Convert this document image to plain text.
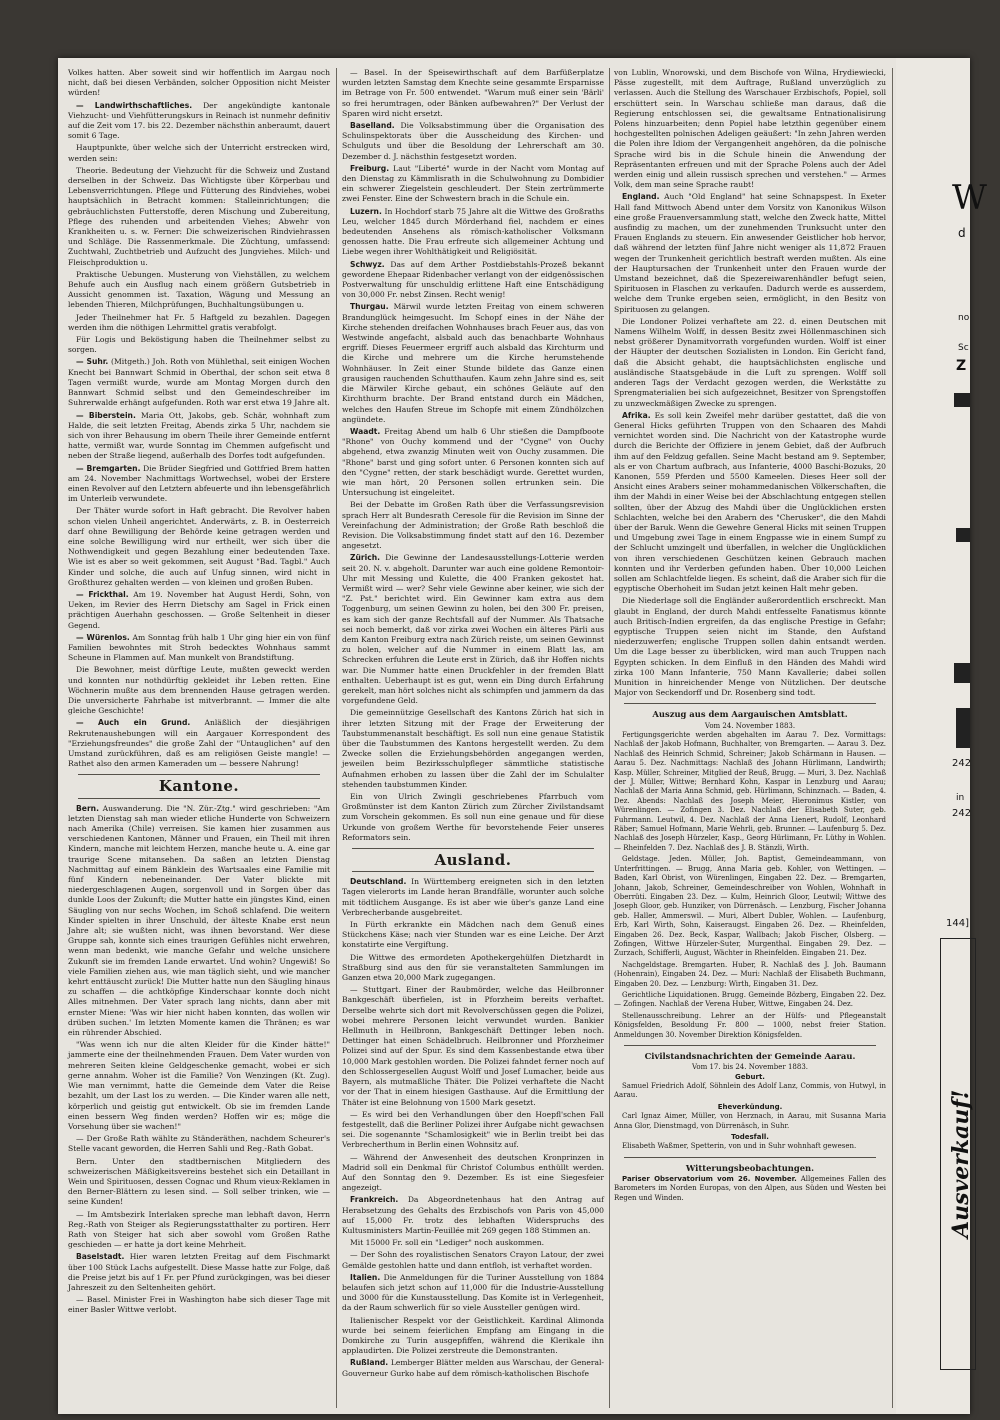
Volkes hatten. Aber soweit sind wir hoffentlich im Aargau noch nicht, daß bei diesen Verbänden, solcher Opposition nicht Meister würden!

— Landwirthschaftliches. Der angekündigte kantonale Viehzucht- und Viehfütterungskurs in Reinach ist nunmehr definitiv auf die Zeit vom 17. bis 22. Dezember nächsthin anberaumt, dauert somit 6 Tage.

Hauptpunkte, über welche sich der Unterricht erstrecken wird, werden sein:

Theorie. Bedeutung der Viehzucht für die Schweiz und Zustand derselben in der Schweiz. Das Wichtigste über Körperbau und Lebensverrichtungen. Pflege und Fütterung des Rindviehes, wobei hauptsächlich in Betracht kommen: Stalleinrichtungen; die gebräuchlichsten Futterstoffe, deren Mischung und Zubereitung, Pflege des ruhenden und arbeitenden Viehes; Abwehr von Krankheiten u. s. w. Ferner: Die schweizerischen Rindviehrassen und Schläge. Die Rassenmerkmale. Die Züchtung, umfassend: Zuchtwahl, Zuchtbetrieb und Aufzucht des Jungviehes. Milch- und Fleischproduktion u.

Praktische Uebungen. Musterung von Viehställen, zu welchem Behufe auch ein Ausflug nach einem größern Gutsbetrieb in Aussicht genommen ist. Taxation, Wägung und Messung an lebenden Thieren, Milchprüfungen, Buchhaltungsübungen u.

Jeder Theilnehmer hat Fr. 5 Haftgeld zu bezahlen. Dagegen werden ihm die nöthigen Lehrmittel gratis verabfolgt.

Für Logis und Beköstigung haben die Theilnehmer selbst zu sorgen.

— Suhr. (Mitgeth.) Joh. Roth von Mühlethal, seit einigen Wochen Knecht bei Bannwart Schmid in Oberthal, der schon seit etwa 8 Tagen vermißt wurde, wurde am Montag Morgen durch den Bannwart Schmid selbst und den Gemeindeschreiber im Suhrerwalde erhängt aufgefunden. Roth war erst etwa 19 Jahre alt.

— Biberstein. Maria Ott, Jakobs, geb. Schär, wohnhaft zum Halde, die seit letzten Freitag, Abends zirka 5 Uhr, nachdem sie sich von ihrer Behausung im obern Theile ihrer Gemeinde entfernt hatte, vermißt war, wurde Sonntag im Chemmen aufgefischt und neben der Straße liegend, außerhalb des Dorfes todt aufgefunden.

— Bremgarten. Die Brüder Siegfried und Gottfried Brem hatten am 24. November Nachmittags Wortwechsel, wobei der Erstere einen Revolver auf den Letztern abfeuerte und ihn lebensgefährlich im Unterleib verwundete.

Der Thäter wurde sofort in Haft gebracht. Die Revolver haben schon vielen Unheil angerichtet. Anderwärts, z. B. in Oesterreich darf ohne Bewilligung der Behörde keine getragen werden und eine solche Bewilligung wird nur ertheilt, wer sich über die Nothwendigkeit und gegen Bezahlung einer bedeutenden Taxe. Wie ist es aber so weit gekommen, seit August "Bad. Tagbl." Auch Kinder und solche, die auch auf Unfug sinnen, wird nicht in Großthurez gehalten werden — von kleinen und großen Buben.

— Frickthal. Am 19. November hat August Herdi, Sohn, von Ueken, im Revier des Herrn Dietschy am Sagel in Frick einen prächtigen Auerhahn geschossen. — Große Seltenheit in dieser Gegend.

— Würenlos. Am Sonntag früh halb 1 Uhr ging hier ein von fünf Familien bewohntes mit Stroh bedecktes Wohnhaus sammt Scheune in Flammen auf. Man munkelt von Brandstiftung.

Die Bewohner, meist dürftige Leute, mußten geweckt werden und konnten nur nothdürftig gekleidet ihr Leben retten. Eine Wöchnerin mußte aus dem brennenden Hause getragen werden. Die unversicherte Fahrhabe ist mitverbrannt. — Immer die alte gleiche Geschichte!

— Auch ein Grund. Anläßlich der diesjährigen Rekrutenaushebungen will ein Aargauer Korrespondent des "Erziehungsfreundes" die große Zahl der "Untauglichen" auf den Umstand zurückführen, daß es am religiösen Geiste mangle! — Rathet also den armen Kameraden um — bessere Nahrung!

Kantone.

Bern. Auswanderung. Die "N. Zür.-Ztg." wird geschrieben: "Am letzten Dienstag sah man wieder etliche Hunderte von Schweizern nach Amerika (Chile) verreisen. Sie kamen hier zusammen aus verschiedenen Kantonen, Männer und Frauen, ein Theil mit ihren Kindern, manche mit leichtem Herzen, manche heute u. A. eine gar traurige Scene mitansehen. Da saßen an letzten Dienstag Nachmittag auf einem Bänklein des Wartsaales eine Familie mit fünf Kindern nebeneinander. Der Vater blickte mit niedergeschlagenen Augen, sorgenvoll und in Sorgen über das dunkle Loos der Zukunft; die Mutter hatte ein jüngstes Kind, einen Säugling von nur sechs Wochen, im Schoß schlafend. Die weitern Kinder spielten in ihrer Unschuld, der älteste Knabe erst neun Jahre alt; sie wußten nicht, was ihnen bevorstand. Wer diese Gruppe sah, konnte sich eines traurigen Gefühles nicht erwehren, wenn man bedenkt, wie manche Gefahr und welche unsichere Zukunft sie im fremden Lande erwartet. Und wohin? Ungewiß! So viele Familien ziehen aus, wie man täglich sieht, und wie mancher kehrt enttäuscht zurück! Die Mutter hatte nun den Säugling hinaus zu schaffen — die achtköpfige Kinderschaar konnte doch nicht Alles mitnehmen. Der Vater sprach lang nichts, dann aber mit ernster Miene: 'Was wir hier nicht haben konnten, das wollen wir drüben suchen.' Im letzten Momente kamen die Thränen; es war ein rührender Abschied.

"Was wenn ich nur die alten Kleider für die Kinder hätte!" jammerte eine der theilnehmenden Frauen. Dem Vater wurden von mehreren Seiten kleine Geldgeschenke gemacht, wobei er sich gerne annahm. Woher ist die Familie? Von Wenzingen (Kt. Zug). Wie man vernimmt, hatte die Gemeinde dem Vater die Reise bezahlt, um der Last los zu werden. — Die Kinder waren alle nett, körperlich und geistig gut entwickelt. Ob sie im fremden Lande einen bessern Weg finden werden? Hoffen wir es; möge die Vorsehung über sie wachen!"

— Der Große Rath wählte zu Ständeräthen, nachdem Scheurer's Stelle vacant geworden, die Herren Sahli und Reg.-Rath Gobat.

Bern. Unter den stadtbernischen Mitgliedern des schweizerischen Mäßigkeitsvereins bestehet sich ein Detaillant in Wein und Spirituosen, dessen Cognac und Rhum vieux-Reklamen in den Berner-Blättern zu lesen sind. — Soll selber trinken, wie — seine Kunden!

— Im Amtsbezirk Interlaken spreche man lebhaft davon, Herrn Reg.-Rath von Steiger als Regierungsstatthalter zu portiren. Herr Rath von Steiger hat sich aber sowohl vom Großen Rathe geschieden — er hatte ja dort keine Mehrheit.

Baselstadt. Hier waren letzten Freitag auf dem Fischmarkt über 100 Stück Lachs aufgestellt. Diese Masse hatte zur Folge, daß die Preise jetzt bis auf 1 Fr. per Pfund zurückgingen, was bei dieser Jahreszeit zu den Seltenheiten gehört.

— Basel. Minister Frei in Washington habe sich dieser Tage mit einer Basler Wittwe verlobt.

— Basel. In der Speisewirthschaft auf dem Barfüßerplatze wurden letzten Samstag dem Knechte seine gesammte Ersparnisse im Betrage von Fr. 500 entwendet. "Warum muß einer sein 'Bärli' so frei herumtragen, oder Bänken aufbewahren?" Der Verlust der Sparen wird nicht ersetzt.

Baselland. Die Volksabstimmung über die Organisation des Schulinspektorats über die Ausscheidung des Kirchen- und Schulguts und über die Besoldung der Lehrerschaft am 30. Dezember d. J. nächsthin festgesetzt worden.

Freiburg. Laut "Liberté" wurde in der Nacht vom Montag auf den Dienstag zu Kämmlisrath in die Schulwohnung zu Dombidier ein schwerer Ziegelstein geschleudert. Der Stein zertrümmerte zwei Fenster. Eine der Schwestern brach in die Schule ein.

Luzern. In Hochdorf starb 75 Jahre alt die Wittwe des Großraths Leu, welcher 1845 durch Mörderhand fiel, nachdem er eines bedeutenden Ansehens als römisch-katholischer Volksmann genossen hatte. Die Frau erfreute sich allgemeiner Achtung und Liebe wegen ihrer Wohlthätigkeit und Religiösität.

Schwyz. Das auf dem Arther Postdiebstahls-Prozeß bekannt gewordene Ehepaar Ridenbacher verlangt von der eidgenössischen Postverwaltung für unschuldig erlittene Haft eine Entschädigung von 30,000 Fr. nebst Zinsen. Recht wenig!

Thurgau. Märwil wurde letzten Freitag von einem schweren Brandunglück heimgesucht. Im Schopf eines in der Nähe der Kirche stehenden dreifachen Wohnhauses brach Feuer aus, das von Westwinde angefacht, alsbald auch das benachbarte Wohnhaus ergriff. Dieses Feuermeer ergriff auch alsbald das Kirchturm und die Kirche und mehrere um die Kirche herumstehende Wohnhäuser. In Zeit einer Stunde bildete das Ganze einen grausigen rauchenden Schutthaufen. Kaum zehn Jahre sind es, seit die Märwiler Kirche gebaut, ein schönes Geläute auf den Kirchthurm brachte. Der Brand entstand durch ein Mädchen, welches den Haufen Streue im Schopfe mit einem Zündhölzchen angündete.

Waadt. Freitag Abend um halb 6 Uhr stießen die Dampfboote "Rhone" von Ouchy kommend und der "Cygne" von Ouchy abgehend, etwa zwanzig Minuten weit von Ouchy zusammen. Die "Rhone" barst und ging sofort unter. 6 Personen konnten sich auf den "Cygne" retten, der stark beschädigt wurde. Gerettet wurden, wie man hört, 20 Personen sollen ertrunken sein. Die Untersuchung ist eingeleitet.

Bei der Debatte im Großen Rath über die Verfassungsrevision sprach Herr alt Bundesrath Ceresole für die Revision im Sinne der Vereinfachung der Administration; der Große Rath beschloß die Revision. Die Volksabstimmung findet statt auf den 16. Dezember angesetzt.

Zürich. Die Gewinne der Landesausstellungs-Lotterie werden seit 20. N. v. abgeholt. Darunter war auch eine goldene Remontoir-Uhr mit Messing und Kulette, die 400 Franken gekostet hat. Vermißt wird — wer? Sehr viele Gewinne aber keiner, wie sich der "Z. Pst." berichtet wird. Ein Gewinner kam extra aus dem Toggenburg, um seinen Gewinn zu holen, bei den 300 Fr. preisen, es kam sich der ganze Rechtsfall auf der Nummer. Als Thatsache sei noch bemerkt, daß vor zirka zwei Wochen ein älteres Pärli aus dem Kanton Freiburg extra nach Zürich reiste, um seinen Gewinnst zu holen, welcher auf die Nummer in einem Blatt las, am Schrecken erfuhren die Leute erst in Zürich, daß ihr Hoffen nichts war. Die Nummer hatte einen Druckfehler in der fremden Blatt enthalten. Ueberhaupt ist es gut, wenn ein Ding durch Erfahrung gerekelt, man hört solches nicht als schimpfen und jammern da das vorgefundene Geld.

Die gemeinnützige Gesellschaft des Kantons Zürich hat sich in ihrer letzten Sitzung mit der Frage der Erweiterung der Taubstummenanstalt beschäftigt. Es soll nun eine genaue Statistik über die Taubstummen des Kantons hergestellt werden. Zu dem Zwecke sollen die Erziehungsbehörden angegangen werden, jeweilen beim Bezirksschulpfleger sämmtliche statistische Aufnahmen erhoben zu lassen über die Zahl der im Schulalter stehenden taubstummen Kinder.

Ein von Ulrich Zwingli geschriebenes Pfarrbuch vom Großmünster ist dem Kanton Zürich zum Zürcher Zivilstandsamt zum Vorschein gekommen. Es soll nun eine genaue und für diese Urkunde von großem Werthe für bevorstehende Feier unseres Reformators sein.

Ausland.

Deutschland. In Württemberg ereigneten sich in den letzten Tagen vielerorts im Lande heran Brandfälle, worunter auch solche mit tödtlichem Ausgange. Es ist aber wie über's ganze Land eine Verbrecherbande ausgebreitet.

In Fürth erkrankte ein Mädchen nach dem Genuß eines Stückchens Käse; nach vier Stunden war es eine Leiche. Der Arzt konstatirte eine Vergiftung.

Die Wittwe des ermordeten Apothekergehülfen Dietzhardt in Straßburg sind aus den für sie veranstalteten Sammlungen im Ganzen etwa 20,000 Mark zugegangen.

— Stuttgart. Einer der Raubmörder, welche das Heilbronner Bankgeschäft überfielen, ist in Pforzheim bereits verhaftet. Derselbe wehrte sich dort mit Revolverschüssen gegen die Polizei, wobei mehrere Personen leicht verwundet wurden. Bankier Hellmuth in Heilbronn, Bankgeschäft Dettinger leben noch. Dettinger hat einen Schädelbruch. Heilbronner und Pforzheimer Polizei sind auf der Spur. Es sind dem Kassenbestande etwa über 10,000 Mark gestohlen worden. Die Polizei fahndet ferner noch auf den Schlossergesellen August Wolff und Josef Lumacher, beide aus Bayern, als mutmaßliche Thäter. Die Polizei verhaftete die Nacht vor der That in einem hiesigen Gasthause. Auf die Ermittlung der Thäter ist eine Belohnung von 1500 Mark gesetzt.

— Es wird bei den Verhandlungen über den Hoepfl'schen Fall festgestellt, daß die Berliner Polizei ihrer Aufgabe nicht gewachsen sei. Die sogenannte "Schamlosigkeit" wie in Berlin treibt bei das Verbrecherthum in Berlin einen Wohnsitz auf.

— Während der Anwesenheit des deutschen Kronprinzen in Madrid soll ein Denkmal für Christof Columbus enthüllt werden. Auf den Sonntag den 9. Dezember. Es ist eine Siegesfeier angezeigt.

Frankreich. Da Abgeordnetenhaus hat den Antrag auf Herabsetzung des Gehalts des Erzbischofs von Paris von 45,000 auf 15,000 Fr. trotz des lebhaften Widerspruchs des Kultusministers Martin-Feuillée mit 269 gegen 188 Stimmen an.

Mit 15000 Fr. soll ein "Lediger" noch auskommen.

— Der Sohn des royalistischen Senators Crayon Latour, der zwei Gemälde gestohlen hatte und dann entfloh, ist verhaftet worden.

Italien. Die Anmeldungen für die Turiner Ausstellung von 1884 belaufen sich jetzt schon auf 11,000 für die Industrie-Ausstellung und 3000 für die Kunstausstellung. Das Komite ist in Verlegenheit, da der Raum schwerlich für so viele Aussteller genügen wird.

Italienischer Respekt vor der Geistlichkeit. Kardinal Alimonda wurde bei seinem feierlichen Empfang am Eingang in die Domkirche zu Turin ausgepfiffen, während die Klerikale ihn applaudirten. Die Polizei zerstreute die Demonstranten.

Rußland. Lemberger Blätter melden aus Warschau, der General-Gouverneur Gurko habe auf dem römisch-katholischen Bischofe

von Lublin, Wnorowski, und dem Bischofe von Wilna, Hrydiewiecki, Pässe zugestellt, mit dem Auftrage, Rußland unverzüglich zu verlassen. Auch die Stellung des Warschauer Erzbischofs, Popiel, soll erschüttert sein. In Warschau schließe man daraus, daß die Regierung entschlossen sei, die gewaltsame Entnationalisirung Polens hinzuarbeiten; denn Popiel habe letzthin gegenüber einem hochgestellten polnischen Adeligen geäußert: "In zehn Jahren werden die Polen ihre Idiom der Vergangenheit angehören, da die polnische Sprache wird bis in die Schule hinein die Anwendung der Repräsentanten erfreuen und mit der Sprache Polens auch der Adel werden einig und allein russisch sprechen und verstehen." — Armes Volk, dem man seine Sprache raubt!

England. Auch "Old England" hat seine Schnapspest. In Exeter Hall fand Mittwoch Abend unter dem Vorsitz von Kanonikus Wilson eine große Frauenversammlung statt, welche den Zweck hatte, Mittel ausfindig zu machen, um der zunehmenden Trunksucht unter den Frauen Englands zu steuern. Ein anwesender Geistlicher hob hervor, daß während der letzten fünf Jahre nicht weniger als 11,872 Frauen wegen der Trunkenheit gerichtlich bestraft werden mußten. Als eine der Hauptursachen der Trunkenheit unter den Frauen wurde der Umstand bezeichnet, daß die Spezereiwarenhändler befugt seien, Spirituosen in Flaschen zu verkaufen. Dadurch werde es ausserdem, welche dem Trunke ergeben seien, ermöglicht, in den Besitz von Spirituosen zu gelangen.

Die Londoner Polizei verhaftete am 22. d. einen Deutschen mit Namens Wilhelm Wolff, in dessen Besitz zwei Höllenmaschinen sich nebst größerer Dynamitvorrath vorgefunden wurden. Wolff ist einer der Häupter der deutschen Sozialisten in London. Ein Gericht fand, daß die Absicht gehabt, die hauptsächlichsten englische und ausländische Staatsgebäude in die Luft zu sprengen. Wolff soll anderen Tags der Verdacht gezogen werden, die Werkstätte zu Sprengmaterialien bei sich aufgezeichnet, Besitzer von Sprengstoffen zu unzweckmäßigen Zwecke zu sprengen.

Afrika. Es soll kein Zweifel mehr darüber gestattet, daß die von General Hicks geführten Truppen von den Schaaren des Mahdi vernichtet worden sind. Die Nachricht von der Katastrophe wurde durch die Berichte der Offiziere in jenem Gebiet, daß der Aufbruch ihm auf den Feldzug gefallen. Seine Macht bestand am 9. September, als er von Chartum aufbrach, aus Infanterie, 4000 Baschi-Bozuks, 20 Kanonen, 559 Pferden und 5500 Kameelen. Dieses Heer soll der Ansicht eines Arabers seiner mohammedanischen Völkerschaften, die ihm der Mahdi in einer Weise bei der Abschlachtung entgegen stellen sollten, über der Abzug des Mahdi über die Unglücklichen ersten Schlachten, welche bei den Arabern des "Cherusker", die den Mahdi über der Baruk. Wenn die Gewehre General Hicks mit seinen Truppen und Umgebung zwei Tage in einem Engpasse wie in einem Sumpf zu der Schlucht umzingelt und überfallen, in welcher die Unglücklichen von ihren verschiedenen Geschützen keinen Gebrauch machen konnten und ihr Verderben gefunden haben. Über 10,000 Leichen sollen am Schlachtfelde liegen. Es scheint, daß die Araber sich für die egyptische Oberhoheit im Sudan jetzt keinen Halt mehr geben.

Die Niederlage soll die Engländer außerordentlich erschreckt. Man glaubt in England, der durch Mahdi entfesselte Fanatismus könnte auch Britisch-Indien ergreifen, da das englische Prestige in Gefahr; egyptische Truppen seien nicht im Stande, den Aufstand niederzuwerfen; englische Truppen sollen dahin entsandt werden. Um die Lage besser zu überblicken, wird man auch Truppen nach Egypten schicken. In dem Einfluß in den Händen des Mahdi wird zirka 100 Mann Infanterie, 750 Mann Kavallerie; dabei sollen Munition in hinreichender Menge von Nützlichen. Der deutsche Major von Seckendorff und Dr. Rosenberg sind todt.

Auszug aus dem Aargauischen Amtsblatt.
Vom 24. November 1883.

Fertigungsgerichte werden abgehalten im Aarau 7. Dez. Vormittags: Nachlaß der Jakob Hofmann, Buchhalter, von Bremgarten. — Aarau 3. Dez. Nachlaß des Heinrich Schmid, Schreiner; Jakob Schärmann in Hausen. — Aarau 5. Dez. Nachmittags: Nachlaß des Johann Hürlimann, Landwirth; Kasp. Müller, Schreiner, Mitglied der Reuß, Brugg. — Muri, 3. Dez. Nachlaß der J. Müller, Wittwe; Bernhard Kohn, Kaspar in Lenzburg und Aarau; Nachlaß der Maria Anna Schmid, geb. Hürlimann, Schinznach. — Baden, 4. Dez. Abends: Nachlaß des Joseph Meier, Hieronimus Kistler, von Würenlingen. — Zofingen 3. Dez. Nachlaß der Elisabeth Suter, geb. Fuhrmann. Leutwil, 4. Dez. Nachlaß der Anna Lienert, Rudolf, Leonhard Räber; Samuel Hofmann, Marie Wehrli, geb. Brunner. — Laufenburg 5. Dez. Nachlaß des Joseph Hürzeler, Kasp., Georg Hürlimann, Fr. Lüthy in Wohlen. — Rheinfelden 7. Dez. Nachlaß des J. B. Stänzli, Wirth.

Geldstage. Jeden. Müller, Joh. Baptist, Gemeindeammann, von Unterfrittingen. — Brugg, Anna Maria geb. Kohler, von Wettingen. — Baden, Karl Obrist, von Würenlingen, Eingaben 22. Dez. — Bremgarten, Johann, Jakob, Schreiner, Gemeindeschreiber von Wohlen, Wohnhaft in Oberrüti. Eingaben 23. Dez. — Kulm, Heinrich Gloor, Leutwil; Wittwe des Joseph Gloor, geb. Hunziker, von Dürrenäsch. — Lenzburg, Fischer Johanna geb. Haller, Ammerswil. — Muri, Albert Dubler, Wohlen. — Laufenburg, Erb, Karl Wirth, Sohn, Kaiseraugst. Eingaben 26. Dez. — Rheinfelden, Eingaben 26. Dez. Beck, Kaspar, Wallbach; Jakob Fischer, Olsberg. — Zofingen, Wittwe Hürzeler-Suter, Murgenthal. Eingaben 29. Dez. — Zurzach, Schifferli, August, Wächter in Rheinfelden. Eingaben 21. Dez.

Nachgeldstage. Bremgarten. Huber, R. Nachlaß des J. Joh. Baumann (Hohenrain), Eingaben 24. Dez. — Muri: Nachlaß der Elisabeth Buchmann, Eingaben 20. Dez. — Lenzburg: Wirth, Eingaben 31. Dez.

Gerichtliche Liquidationen. Brugg. Gemeinde Bözberg, Eingaben 22. Dez. — Zofingen. Nachlaß der Verena Huber, Wittwe, Eingaben 24. Dez.

Stellenausschreibung. Lehrer an der Hülfs- und Pflegeanstalt Königsfelden, Besoldung Fr. 800 — 1000, nebst freier Station. Anmeldungen 30. November Direktion Königsfelden.

Civilstandsnachrichten der Gemeinde Aarau.
Vom 17. bis 24. November 1883.
Geburt.

Samuel Friedrich Adolf, Söhnlein des Adolf Lanz, Commis, von Hutwyl, in Aarau.

Eheverkündung.

Carl Ignaz Aimer, Müller, von Herznach, in Aarau, mit Susanna Maria Anna Glor, Dienstmagd, von Dürrenäsch, in Suhr.

Todesfall.

Elisabeth Waßmer, Spetterin, von und in Suhr wohnhaft gewesen.

Witterungsbeobachtungen.

Pariser Observatorium vom 26. November. Allgemeines Fallen des Barometers im Norden Europas, von den Alpen, aus Süden und Westen bei Regen und Winden.

W
d
no
Sc
Z
242
in
242
144]
Ausverkauf!
